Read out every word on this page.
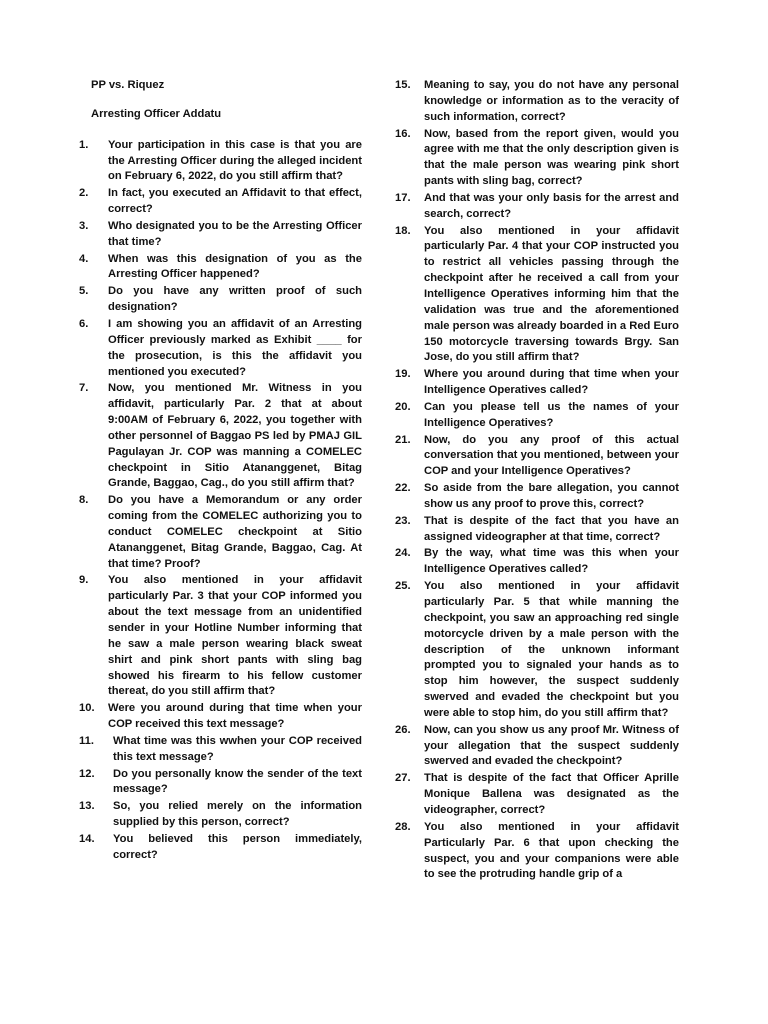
PP vs. Riquez
Arresting Officer Addatu
1. Your participation in this case is that you are the Arresting Officer during the alleged incident on February 6, 2022, do you still affirm that?
2. In fact, you executed an Affidavit to that effect, correct?
3. Who designated you to be the Arresting Officer that time?
4. When was this designation of you as the Arresting Officer happened?
5. Do you have any written proof of such designation?
6. I am showing you an affidavit of an Arresting Officer previously marked as Exhibit ____ for the prosecution, is this the affidavit you mentioned you executed?
7. Now, you mentioned Mr. Witness in you affidavit, particularly Par. 2 that at about 9:00AM of February 6, 2022, you together with other personnel of Baggao PS led by PMAJ GIL Pagulayan Jr. COP was manning a COMELEC checkpoint in Sitio Atananggenet, Bitag Grande, Baggao, Cag., do you still affirm that?
8. Do you have a Memorandum or any order coming from the COMELEC authorizing you to conduct COMELEC checkpoint at Sitio Atananggenet, Bitag Grande, Baggao, Cag. At that time? Proof?
9. You also mentioned in your affidavit particularly Par. 3 that your COP informed you about the text message from an unidentified sender in your Hotline Number informing that he saw a male person wearing black sweat shirt and pink short pants with sling bag showed his firearm to his fellow customer thereat, do you still affirm that?
10. Were you around during that time when your COP received this text message?
11. What time was this wwhen your COP received this text message?
12. Do you personally know the sender of the text message?
13. So, you relied merely on the information supplied by this person, correct?
14. You believed this person immediately, correct?
15. Meaning to say, you do not have any personal knowledge or information as to the veracity of such information, correct?
16. Now, based from the report given, would you agree with me that the only description given is that the male person was wearing pink short pants with sling bag, correct?
17. And that was your only basis for the arrest and search, correct?
18. You also mentioned in your affidavit particularly Par. 4 that your COP instructed you to restrict all vehicles passing through the checkpoint after he received a call from your Intelligence Operatives informing him that the validation was true and the aforementioned male person was already boarded in a Red Euro 150 motorcycle traversing towards Brgy. San Jose, do you still affirm that?
19. Where you around during that time when your Intelligence Operatives called?
20. Can you please tell us the names of your Intelligence Operatives?
21. Now, do you any proof of this actual conversation that you mentioned, between your COP and your Intelligence Operatives?
22. So aside from the bare allegation, you cannot show us any proof to prove this, correct?
23. That is despite of the fact that you have an assigned videographer at that time, correct?
24. By the way, what time was this when your Intelligence Operatives called?
25. You also mentioned in your affidavit particularly Par. 5 that while manning the checkpoint, you saw an approaching red single motorcycle driven by a male person with the description of the unknown informant prompted you to signaled your hands as to stop him however, the suspect suddenly swerved and evaded the checkpoint but you were able to stop him, do you still affirm that?
26. Now, can you show us any proof Mr. Witness of your allegation that the suspect suddenly swerved and evaded the checkpoint?
27. That is despite of the fact that Officer Aprille Monique Ballena was designated as the videographer, correct?
28. You also mentioned in your affidavit Particularly Par. 6 that upon checking the suspect, you and your companions were able to see the protruding handle grip of a
